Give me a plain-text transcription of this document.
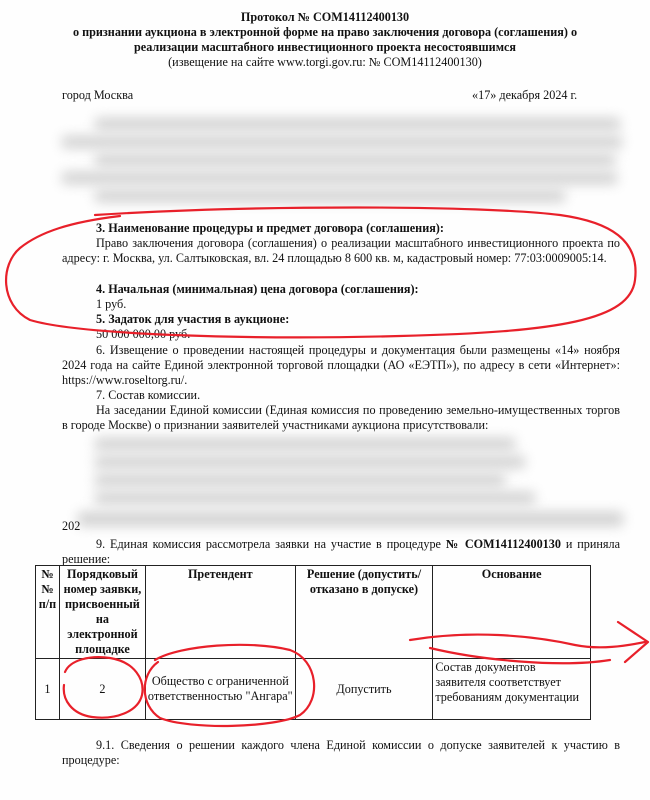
Протокол № COM14112400130
о признании аукциона в электронной форме на право заключения договора (соглашения) о
реализации масштабного инвестиционного проекта несостоявшимся
(извещение на сайте www.torgi.gov.ru: № COM14112400130)
город Москва	«17» декабря 2024 г.
3. Наименование процедуры и предмет договора (соглашения):
Право заключения договора (соглашения) о реализации масштабного инвестиционного проекта по адресу: г. Москва, ул. Салтыковская, вл. 24 площадью 8 600 кв. м, кадастровый номер: 77:03:0009005:14.
4. Начальная (минимальная) цена договора (соглашения):
1 руб.
5. Задаток для участия в аукционе:
50 000 000,00 руб.
6. Извещение о проведении настоящей процедуры и документация были размещены «14» ноября 2024 года на сайте Единой электронной торговой площадки (АО «ЕЭТП»), по адресу в сети «Интернет»: https://www.roseltorg.ru/.
7. Состав комиссии.
На заседании Единой комиссии (Единая комиссия по проведению земельно-имущественных торгов в городе Москве) о признании заявителей участниками аукциона присутствовали:
202
9. Единая комиссия рассмотрела заявки на участие в процедуре № COM14112400130 и приняла решение:
№ № п/п	Порядковый номер заявки, присвоенный на электронной площадке	Претендент	Решение (допустить/отказано в допуске)	Основание
1	2	Общество с ограниченной ответственностью "Ангара"	Допустить	Состав документов заявителя соответствует требованиям документации
9.1. Сведения о решении каждого члена Единой комиссии о допуске заявителей к участию в процедуре:
